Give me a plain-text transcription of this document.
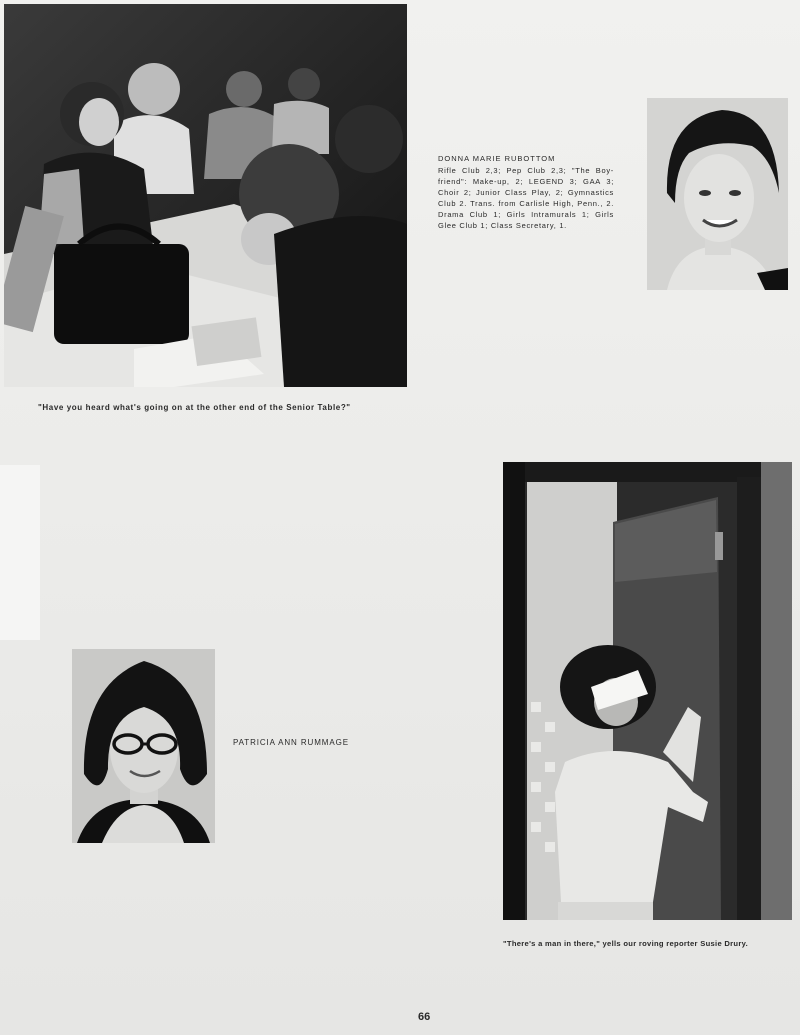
"Have you heard what's going on at the other end of the Senior Table?"
DONNA MARIE RUBOTTOM
Rifle Club 2,3; Pep Club 2,3; "The Boy-friend": Make-up, 2; LEGEND 3; GAA 3; Choir 2; Junior Class Play, 2; Gymnastics Club 2. Trans. from Carlisle High, Penn., 2. Drama Club 1; Girls Intramurals 1; Girls Glee Club 1; Class Secretary, 1.
PATRICIA ANN RUMMAGE
"There's a man in there," yells our roving reporter Susie Drury.
66
